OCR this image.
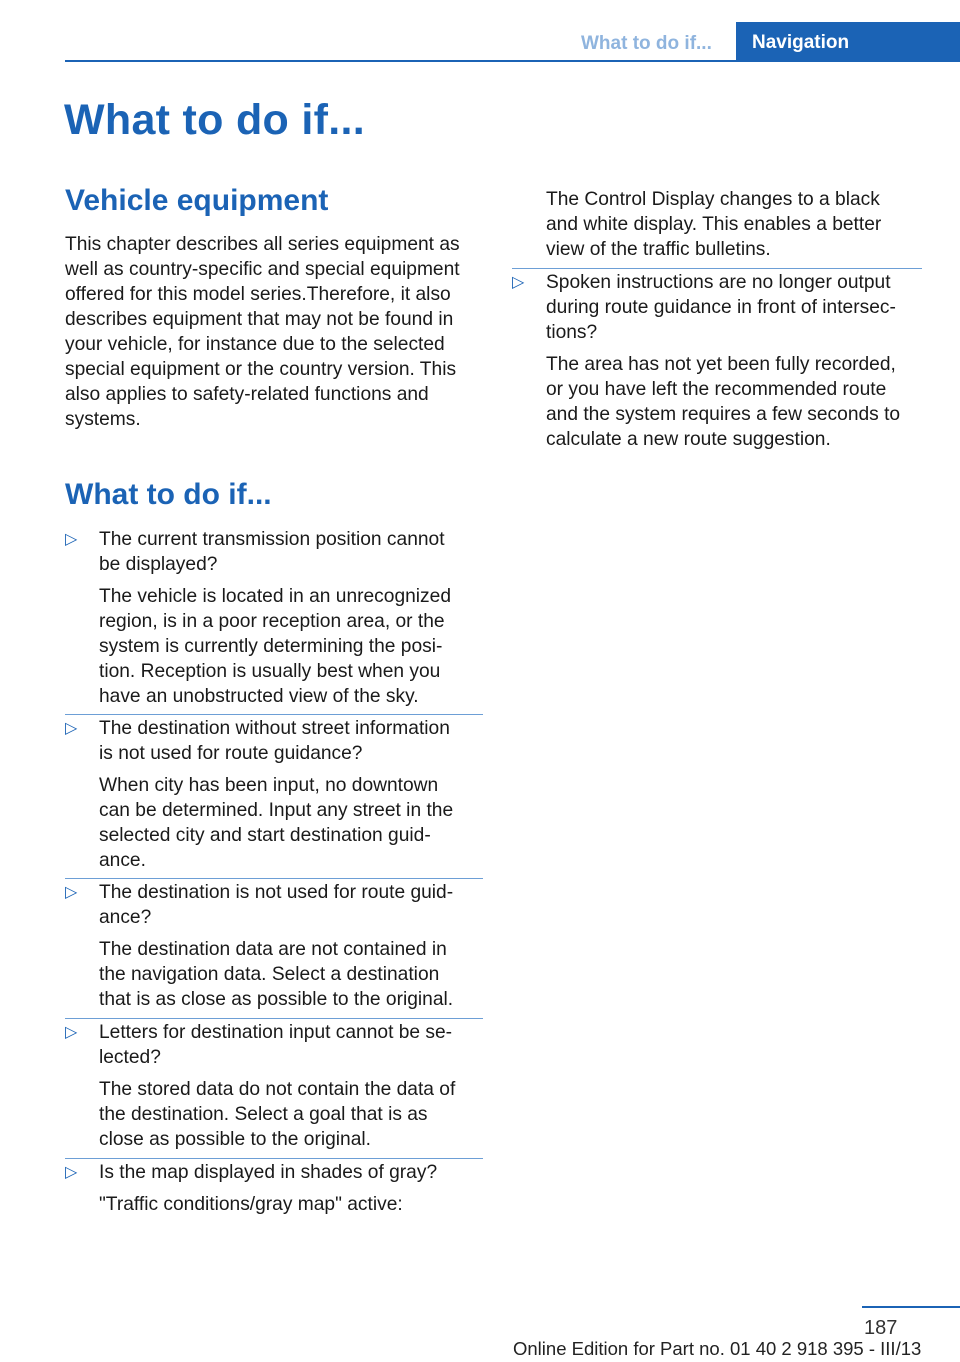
What to do if...	Navigation
What to do if...
Vehicle equipment

This chapter describes all series equipment as
well as country-specific and special equipment
offered for this model series.Therefore, it also
describes equipment that may not be found in
your vehicle, for instance due to the selected
special equipment or the country version. This
also applies to safety-related functions and
systems.

What to do if...
▷ The current transmission position cannot
be displayed?

The vehicle is located in an unrecognized
region, is in a poor reception area, or the
system is currently determining the posi‐
tion. Reception is usually best when you
have an unobstructed view of the sky.

▷ The destination without street information
is not used for route guidance?

When city has been input, no downtown
can be determined. Input any street in the
selected city and start destination guid‐
ance.

▷ The destination is not used for route guid‐
ance?

The destination data are not contained in
the navigation data. Select a destination
that is as close as possible to the original.

▷ Letters for destination input cannot be se‐
lected?

The stored data do not contain the data of
the destination. Select a goal that is as
close as possible to the original.

▷ Is the map displayed in shades of gray?

"Traffic conditions/gray map" active:

The Control Display changes to a black
and white display. This enables a better
view of the traffic bulletins.

▷ Spoken instructions are no longer output
during route guidance in front of intersec‐
tions?

The area has not yet been fully recorded,
or you have left the recommended route
and the system requires a few seconds to
calculate a new route suggestion.

187
Online Edition for Part no. 01 40 2 918 395 - III/13
